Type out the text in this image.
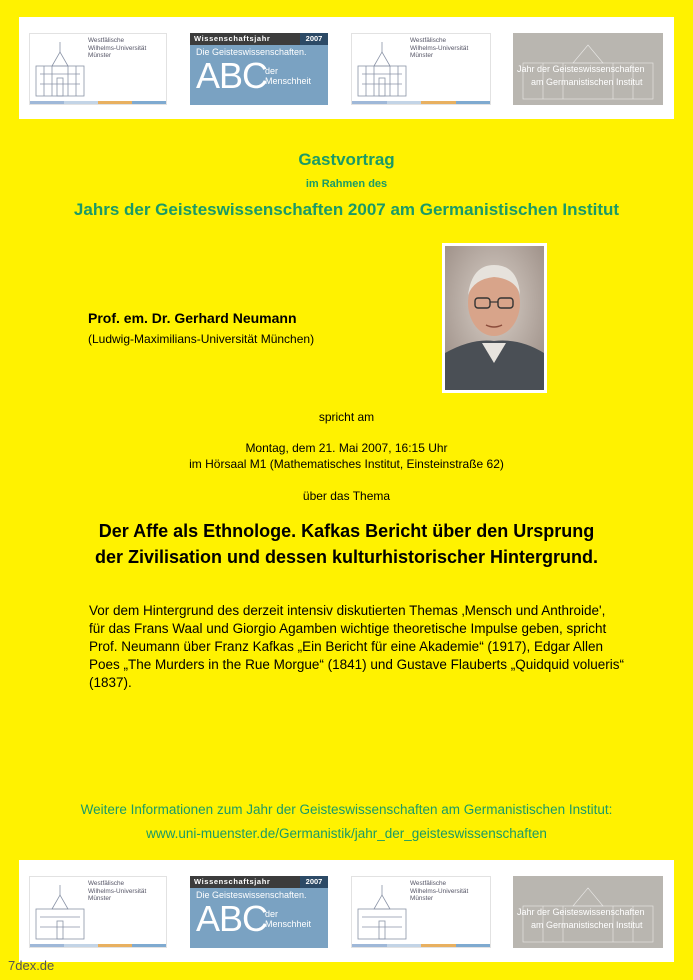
Westfälische
Wilhelms-Universität
Münster
Wissenschaftsjahr	2007
Die Geisteswissenschaften.
ABC
der
Menschheit
Westfälische
Wilhelms-Universität
Münster
Jahr der Geisteswissenschaften
am Germanistischen Institut
Gastvortrag
im Rahmen des
Jahrs der Geisteswissenschaften 2007 am Germanistischen Institut
Prof. em. Dr. Gerhard Neumann
(Ludwig-Maximilians-Universität München)
spricht am
Montag, dem 21. Mai 2007, 16:15 Uhr
im Hörsaal M1 (Mathematisches Institut, Einsteinstraße 62)
über das Thema
Der Affe als Ethnologe. Kafkas Bericht über den Ursprung
der Zivilisation und dessen kulturhistorischer Hintergrund.
Vor dem Hintergrund des derzeit intensiv diskutierten Themas ‚Mensch und Anthroide',
für das Frans Waal und Giorgio Agamben wichtige theoretische Impulse geben, spricht
Prof. Neumann über Franz Kafkas „Ein Bericht für eine Akademie“ (1917), Edgar Allen
Poes „The Murders in the Rue Morgue“ (1841) und Gustave Flauberts „Quidquid volueris“
(1837).
Weitere Informationen zum Jahr der Geisteswissenschaften am Germanistischen Institut:
www.uni-muenster.de/Germanistik/jahr_der_geisteswissenschaften
Westfälische
Wilhelms-Universität
Münster
Wissenschaftsjahr	2007
Die Geisteswissenschaften.
ABC
der
Menschheit
Westfälische
Wilhelms-Universität
Münster
Jahr der Geisteswissenschaften
am Germanistischen Institut
7dex.de
